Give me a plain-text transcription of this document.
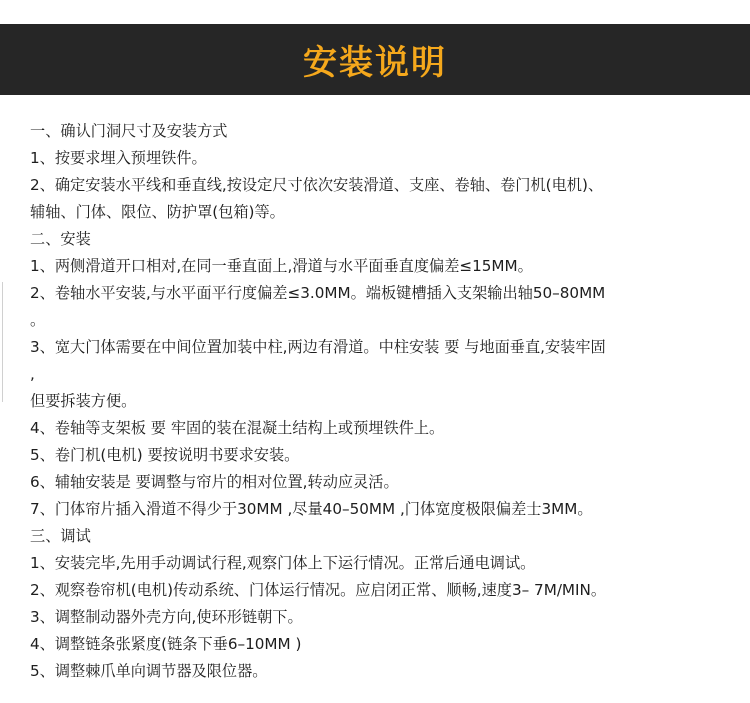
安装说明
一、确认门洞尺寸及安装方式
1、按要求埋入预埋铁件。
2、确定安装水平线和垂直线,按设定尺寸依次安装滑道、支座、卷轴、卷门机(电机)、
辅轴、门体、限位、防护罩(包箱)等。
二、安装
1、两侧滑道开口相对,在同一垂直面上,滑道与水平面垂直度偏差≤15MM。
2、卷轴水平安装,与水平面平行度偏差≤3.0MM。端板键槽插入支架输出轴50–80MM
。
3、宽大门体需要在中间位置加装中柱,两边有滑道。中柱安装 要 与地面垂直,安装牢固
,
但要拆装方便。
4、卷轴等支架板 要 牢固的装在混凝土结构上或预埋铁件上。
5、卷门机(电机) 要按说明书要求安装。
6、辅轴安装是 要调整与帘片的相对位置,转动应灵活。
7、门体帘片插入滑道不得少于30MM ,尽量40–50MM ,门体宽度极限偏差士3MM。
三、调试
1、安装完毕,先用手动调试行程,观察门体上下运行情况。正常后通电调试。
2、观察卷帘机(电机)传动系统、门体运行情况。应启闭正常、顺畅,速度3– 7M/MIN。
3、调整制动器外壳方向,使环形链朝下。
4、调整链条张紧度(链条下垂6–10MM )
5、调整棘爪单向调节器及限位器。
